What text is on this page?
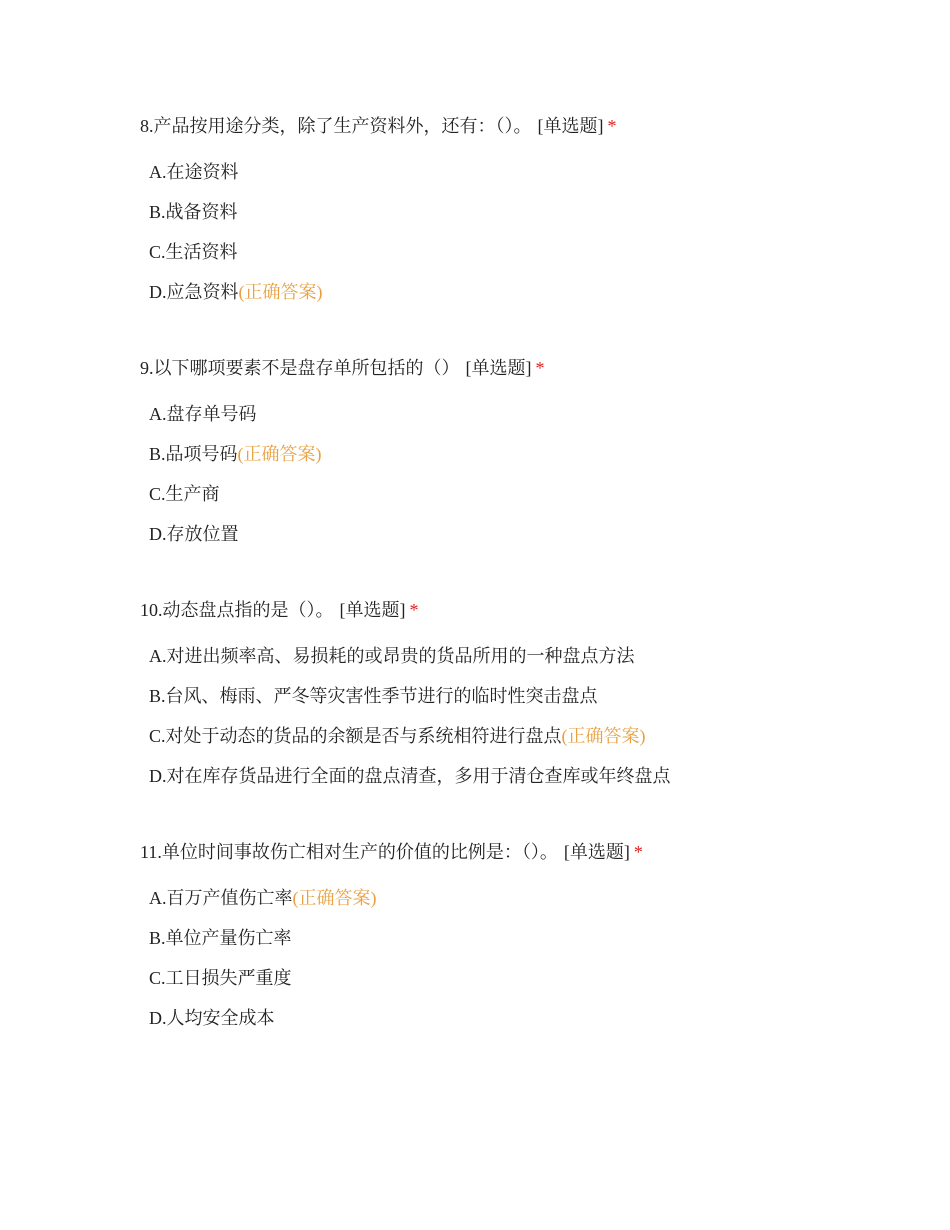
8.产品按用途分类，除了生产资料外，还有：（）。 [单选题] *
A.在途资料
B.战备资料
C.生活资料
D.应急资料(正确答案)
9.以下哪项要素不是盘存单所包括的（） [单选题] *
A.盘存单号码
B.品项号码(正确答案)
C.生产商
D.存放位置
10.动态盘点指的是（）。 [单选题] *
A.对进出频率高、易损耗的或昂贵的货品所用的一种盘点方法
B.台风、梅雨、严冬等灾害性季节进行的临时性突击盘点
C.对处于动态的货品的余额是否与系统相符进行盘点(正确答案)
D.对在库存货品进行全面的盘点清查，多用于清仓查库或年终盘点
11.单位时间事故伤亡相对生产的价值的比例是：（）。 [单选题] *
A.百万产值伤亡率(正确答案)
B.单位产量伤亡率
C.工日损失严重度
D.人均安全成本
